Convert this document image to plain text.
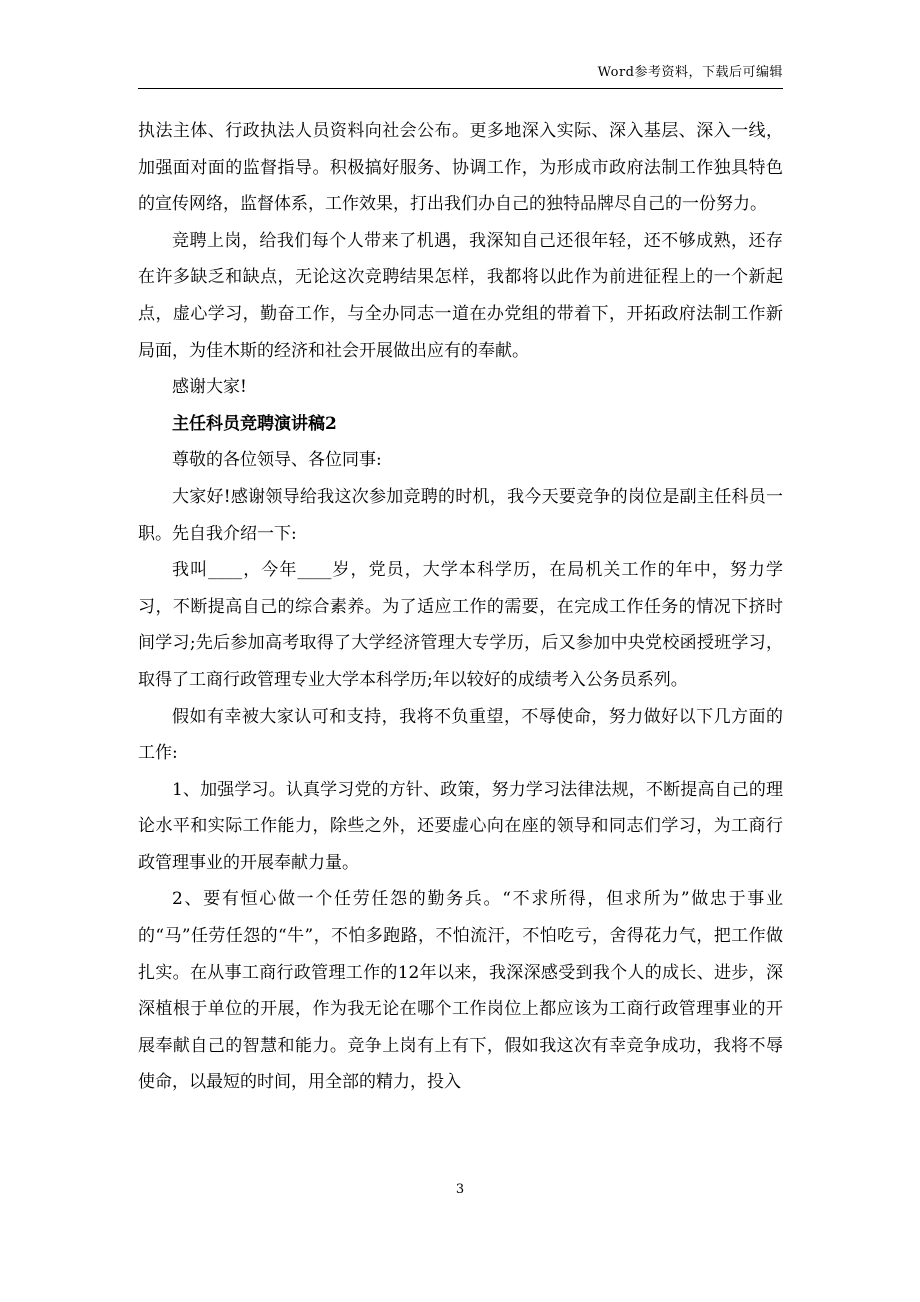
Word参考资料，下载后可编辑

执法主体、行政执法人员资料向社会公布。更多地深入实际、深入基层、深入一线，加强面对面的监督指导。积极搞好服务、协调工作，为形成市政府法制工作独具特色的宣传网络，监督体系，工作效果，打出我们办自己的独特品牌尽自己的一份努力。

竞聘上岗，给我们每个人带来了机遇，我深知自己还很年轻，还不够成熟，还存在许多缺乏和缺点，无论这次竞聘结果怎样，我都将以此作为前进征程上的一个新起点，虚心学习，勤奋工作，与全办同志一道在办党组的带着下，开拓政府法制工作新局面，为佳木斯的经济和社会开展做出应有的奉献。

感谢大家!

主任科员竞聘演讲稿2

尊敬的各位领导、各位同事:

大家好!感谢领导给我这次参加竞聘的时机，我今天要竞争的岗位是副主任科员一职。先自我介绍一下:

我叫____，今年____岁，党员，大学本科学历，在局机关工作的年中，努力学习，不断提高自己的综合素养。为了适应工作的需要，在完成工作任务的情况下挤时间学习;先后参加高考取得了大学经济管理大专学历，后又参加中央党校函授班学习，取得了工商行政管理专业大学本科学历;年以较好的成绩考入公务员系列。

假如有幸被大家认可和支持，我将不负重望，不辱使命，努力做好以下几方面的工作:

1、加强学习。认真学习党的方针、政策，努力学习法律法规，不断提高自己的理论水平和实际工作能力，除些之外，还要虚心向在座的领导和同志们学习，为工商行政管理事业的开展奉献力量。

2、要有恒心做一个任劳任怨的勤务兵。“不求所得，但求所为”做忠于事业的“马”任劳任怨的“牛”，不怕多跑路，不怕流汗，不怕吃亏，舍得花力气，把工作做扎实。在从事工商行政管理工作的12年以来，我深深感受到我个人的成长、进步，深深植根于单位的开展，作为我无论在哪个工作岗位上都应该为工商行政管理事业的开展奉献自己的智慧和能力。竞争上岗有上有下，假如我这次有幸竞争成功，我将不辱使命，以最短的时间，用全部的精力，投入

3
